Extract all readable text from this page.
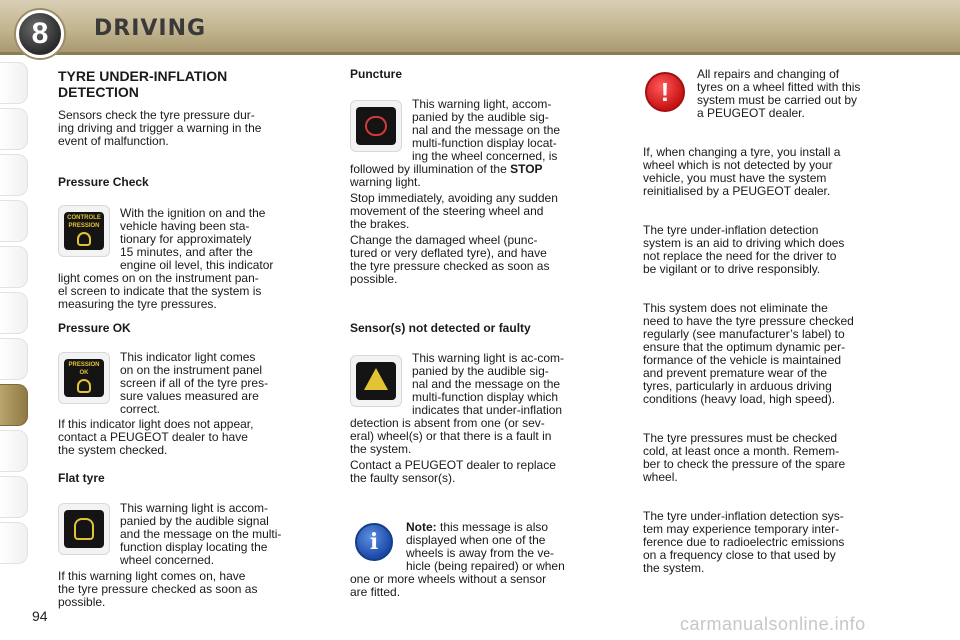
8	DRIVING

TYRE UNDER-INFLATION

DETECTION

Sensors check the tyre pressure dur-

ing driving and trigger a warning in the

event of malfunction.

Pressure Check
CONTROLE
PRESSION

With the ignition on and the

vehicle having been sta-

tionary for approximately

15 minutes, and after the

engine oil level, this indicator

light comes on on the instrument pan-

el screen to indicate that the system is

measuring the tyre pressures.

Pressure OK
PRESSION
OK

This indicator light comes

on on the instrument panel

screen if all of the tyre pres-

sure values measured are

correct.

If this indicator light does not appear,

contact a PEUGEOT dealer to have

the system checked.

Flat tyre

This warning light is accom-

panied by the audible signal

and the message on the multi-

function display locating the

wheel concerned.

If this warning light comes on, have

the tyre pressure checked as soon as

possible.

Puncture

This warning light, accom-

panied by the audible sig-

nal and the message on the

multi-function display locat-

ing the wheel concerned, is

followed by illumination of the STOP

warning light.

Stop immediately, avoiding any sudden

movement of the steering wheel and

the brakes.

Change the damaged wheel (punc-

tured or very deflated tyre), and have

the tyre pressure checked as soon as

possible.

Sensor(s) not detected or faulty

This warning light is ac-com-

panied by the audible sig-

nal and the message on the

multi-function display which

indicates that under-inflation

detection is absent from one (or sev-

eral) wheel(s) or that there is a fault in

the system.

Contact a PEUGEOT dealer to replace

the faulty sensor(s).

i

Note: this message is also

displayed when one of the

wheels is away from the ve-

hicle (being repaired) or when

one or more wheels without a sensor

are fitted.

!

All repairs and changing of

tyres on a wheel fitted with this

system must be carried out by

a PEUGEOT dealer.

If, when changing a tyre, you install a

wheel which is not detected by your

vehicle, you must have the system

reinitialised by a PEUGEOT dealer.

The tyre under-inflation detection

system is an aid to driving which does

not replace the need for the driver to

be vigilant or to drive responsibly.

This system does not eliminate the

need to have the tyre pressure checked

regularly (see manufacturer’s label) to

ensure that the optimum dynamic per-

formance of the vehicle is maintained

and prevent premature wear of the

tyres, particularly in arduous driving

conditions (heavy load, high speed).

The tyre pressures must be checked

cold, at least once a month. Remem-

ber to check the pressure of the spare

wheel.

The tyre under-inflation detection sys-

tem may experience temporary inter-

ference due to radioelectric emissions

on a frequency close to that used by

the system.

94	carmanualsonline.info
